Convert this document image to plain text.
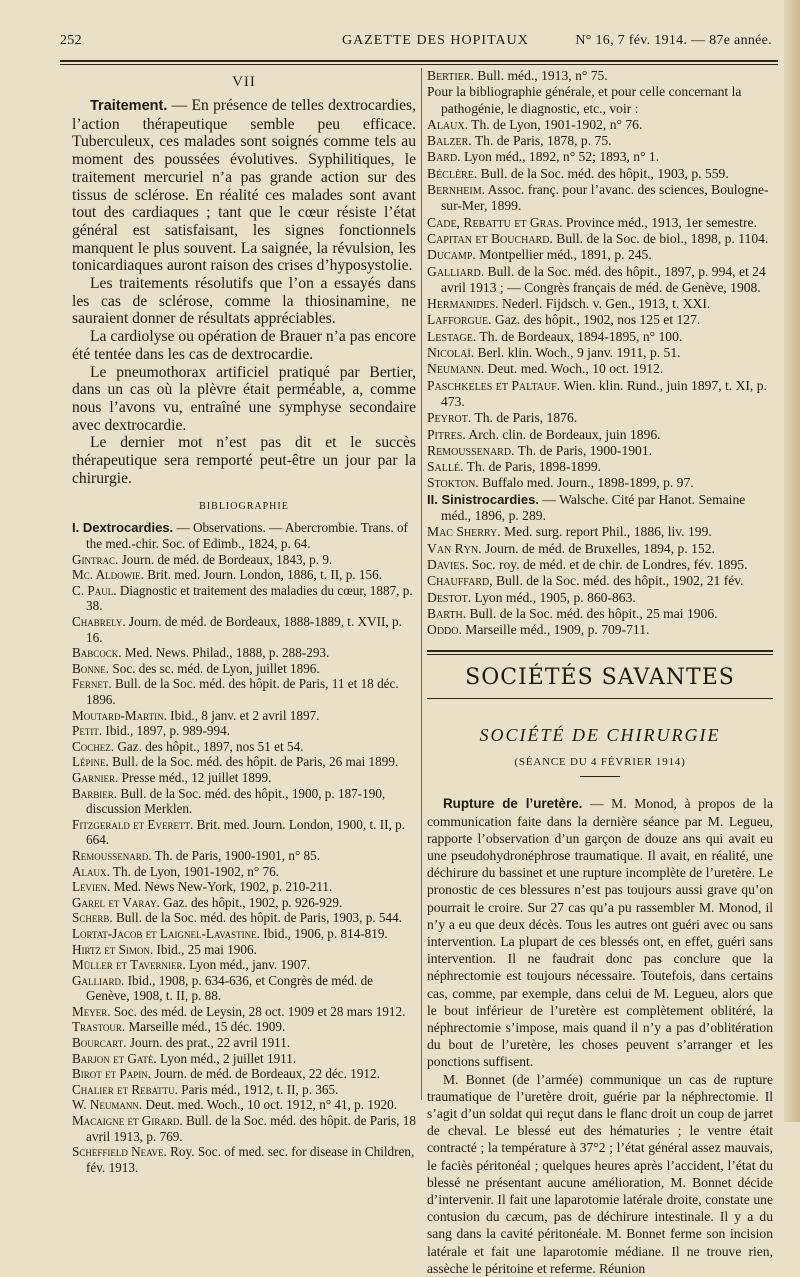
252	GAZETTE DES HOPITAUX	N° 16, 7 fév. 1914. — 87e année.
VII

Traitement. — En présence de telles dextrocardies, l’action thérapeutique semble peu efficace. Tuberculeux, ces malades sont soignés comme tels au moment des poussées évolutives. Syphilitiques, le traitement mercuriel n’a pas grande action sur des tissus de sclérose. En réalité ces malades sont avant tout des cardiaques ; tant que le cœur résiste l’état général est satisfaisant, les signes fonctionnels manquent le plus souvent. La saignée, la révulsion, les tonicardiaques auront raison des crises d’hyposystolie.

Les traitements résolutifs que l’on a essayés dans les cas de sclérose, comme la thiosinamine, ne sauraient donner de résultats appréciables.

La cardiolyse ou opération de Brauer n’a pas encore été tentée dans les cas de dextrocardie.

Le pneumothorax artificiel pratiqué par Bertier, dans un cas où la plèvre était perméable, a, comme nous l’avons vu, entraîné une symphyse secondaire avec dextrocardie.

Le dernier mot n’est pas dit et le succès thérapeutique sera remporté peut-être un jour par la chirurgie.

BIBLIOGRAPHIE

I. Dextrocardies. — Observations. — Abercrombie. Trans. of the med.-chir. Soc. of Edimb., 1824, p. 64.

Gintrac. Journ. de méd. de Bordeaux, 1843, p. 9.

Mc. Aldowie. Brit. med. Journ. London, 1886, t. II, p. 156.

C. Paul. Diagnostic et traitement des maladies du cœur, 1887, p. 38.

Chabrely. Journ. de méd. de Bordeaux, 1888-1889, t. XVII, p. 16.

Babcock. Med. News. Philad., 1888, p. 288-293.

Bonne. Soc. des sc. méd. de Lyon, juillet 1896.

Fernet. Bull. de la Soc. méd. des hôpit. de Paris, 11 et 18 déc. 1896.

Moutard-Martin. Ibid., 8 janv. et 2 avril 1897.

Petit. Ibid., 1897, p. 989-994.

Cochez. Gaz. des hôpit., 1897, nos 51 et 54.

Lépine. Bull. de la Soc. méd. des hôpit. de Paris, 26 mai 1899.

Garnier. Presse méd., 12 juillet 1899.

Barbier. Bull. de la Soc. méd. des hôpit., 1900, p. 187-190, discussion Merklen.

Fitzgerald et Everett. Brit. med. Journ. London, 1900, t. II, p. 664.

Remoussenard. Th. de Paris, 1900-1901, n° 85.

Alaux. Th. de Lyon, 1901-1902, n° 76.

Levien. Med. News New-York, 1902, p. 210-211.

Garel et Varay. Gaz. des hôpit., 1902, p. 926-929.

Scherb. Bull. de la Soc. méd. des hôpit. de Paris, 1903, p. 544.

Lortat-Jacob et Laignel-Lavastine. Ibid., 1906, p. 814-819.

Hirtz et Simon. Ibid., 25 mai 1906.

Müller et Tavernier. Lyon méd., janv. 1907.

Galliard. Ibid., 1908, p. 634-636, et Congrès de méd. de Genève, 1908, t. II, p. 88.

Meyer. Soc. des méd. de Leysin, 28 oct. 1909 et 28 mars 1912.

Trastour. Marseille méd., 15 déc. 1909.

Bourcart. Journ. des prat., 22 avril 1911.

Barjon et Gaté. Lyon méd., 2 juillet 1911.

Birot et Papin. Journ. de méd. de Bordeaux, 22 déc. 1912.

Chalier et Rebattu. Paris méd., 1912, t. II, p. 365.

W. Neumann. Deut. med. Woch., 10 oct. 1912, n° 41, p. 1920.

Macaigne et Girard. Bull. de la Soc. méd. des hôpit. de Paris, 18 avril 1913, p. 769.

Scheffield Neave. Roy. Soc. of med. sec. for disease in Children, fév. 1913.

Bertier. Bull. méd., 1913, n° 75.

Pour la bibliographie générale, et pour celle concernant la pathogénie, le diagnostic, etc., voir :

Alaux. Th. de Lyon, 1901-1902, n° 76.

Balzer. Th. de Paris, 1878, p. 75.

Bard. Lyon méd., 1892, n° 52; 1893, n° 1.

Béclère. Bull. de la Soc. méd. des hôpit., 1903, p. 559.

Bernheim. Assoc. franç. pour l’avanc. des sciences, Boulogne-sur-Mer, 1899.

Cade, Rebattu et Gras. Province méd., 1913, 1er semestre.

Capitan et Bouchard. Bull. de la Soc. de biol., 1898, p. 1104.

Ducamp. Montpellier méd., 1891, p. 245.

Galliard. Bull. de la Soc. méd. des hôpit., 1897, p. 994, et 24 avril 1913 ; — Congrès français de méd. de Genève, 1908.

Hermanides. Nederl. Fijdsch. v. Gen., 1913, t. XXI.

Lafforgue. Gaz. des hôpit., 1902, nos 125 et 127.

Lestage. Th. de Bordeaux, 1894-1895, n° 100.

Nicolaï. Berl. klin. Woch., 9 janv. 1911, p. 51.

Neumann. Deut. med. Woch., 10 oct. 1912.

Paschkeles et Paltauf. Wien. klin. Rund., juin 1897, t. XI, p. 473.

Peyrot. Th. de Paris, 1876.

Pitres. Arch. clin. de Bordeaux, juin 1896.

Remoussenard. Th. de Paris, 1900-1901.

Sallé. Th. de Paris, 1898-1899.

Stokton. Buffalo med. Journ., 1898-1899, p. 97.

II. Sinistrocardies. — Walsche. Cité par Hanot. Semaine méd., 1896, p. 289.

Mac Sherry. Med. surg. report Phil., 1886, liv. 199.

Van Ryn. Journ. de méd. de Bruxelles, 1894, p. 152.

Davies. Soc. roy. de méd. et de chir. de Londres, fév. 1895.

Chauffard, Bull. de la Soc. méd. des hôpit., 1902, 21 fév.

Destot. Lyon méd., 1905, p. 860-863.

Barth. Bull. de la Soc. méd. des hôpit., 25 mai 1906.

Oddo. Marseille méd., 1909, p. 709-711.

SOCIÉTÉS SAVANTES
SOCIÉTÉ DE CHIRURGIE
(SÉANCE DU 4 FÉVRIER 1914)

Rupture de l’uretère. — M. Monod, à propos de la communication faite dans la dernière séance par M. Legueu, rapporte l’observation d’un garçon de douze ans qui avait eu une pseudohydronéphrose traumatique. Il avait, en réalité, une déchirure du bassinet et une rupture incomplète de l’uretère. Le pronostic de ces blessures n’est pas toujours aussi grave qu’on pourrait le croire. Sur 27 cas qu’a pu rassembler M. Monod, il n’y a eu que deux décès. Tous les autres ont guéri avec ou sans intervention. La plupart de ces blessés ont, en effet, guéri sans intervention. Il ne faudrait donc pas conclure que la néphrectomie est toujours nécessaire. Toutefois, dans certains cas, comme, par exemple, dans celui de M. Legueu, alors que le bout inférieur de l’uretère est complètement oblitéré, la néphrectomie s’impose, mais quand il n’y a pas d’oblitération du bout de l’uretère, les choses peuvent s’arranger et les ponctions suffisent.

M. Bonnet (de l’armée) communique un cas de rupture traumatique de l’uretère droit, guérie par la néphrectomie. Il s’agit d’un soldat qui reçut dans le flanc droit un coup de jarret de cheval. Le blessé eut des hématuries ; le ventre était contracté ; la température à 37°2 ; l’état général assez mauvais, le faciès péritonéal ; quelques heures après l’accident, l’état du blessé ne présentant aucune amélioration, M. Bonnet décide d’intervenir. Il fait une laparotomie latérale droite, constate une contusion du cæcum, pas de déchirure intestinale. Il y a du sang dans la cavité péritonéale. M. Bonnet ferme son incision latérale et fait une laparotomie médiane. Il ne trouve rien, assèche le péritoine et referme. Réunion
